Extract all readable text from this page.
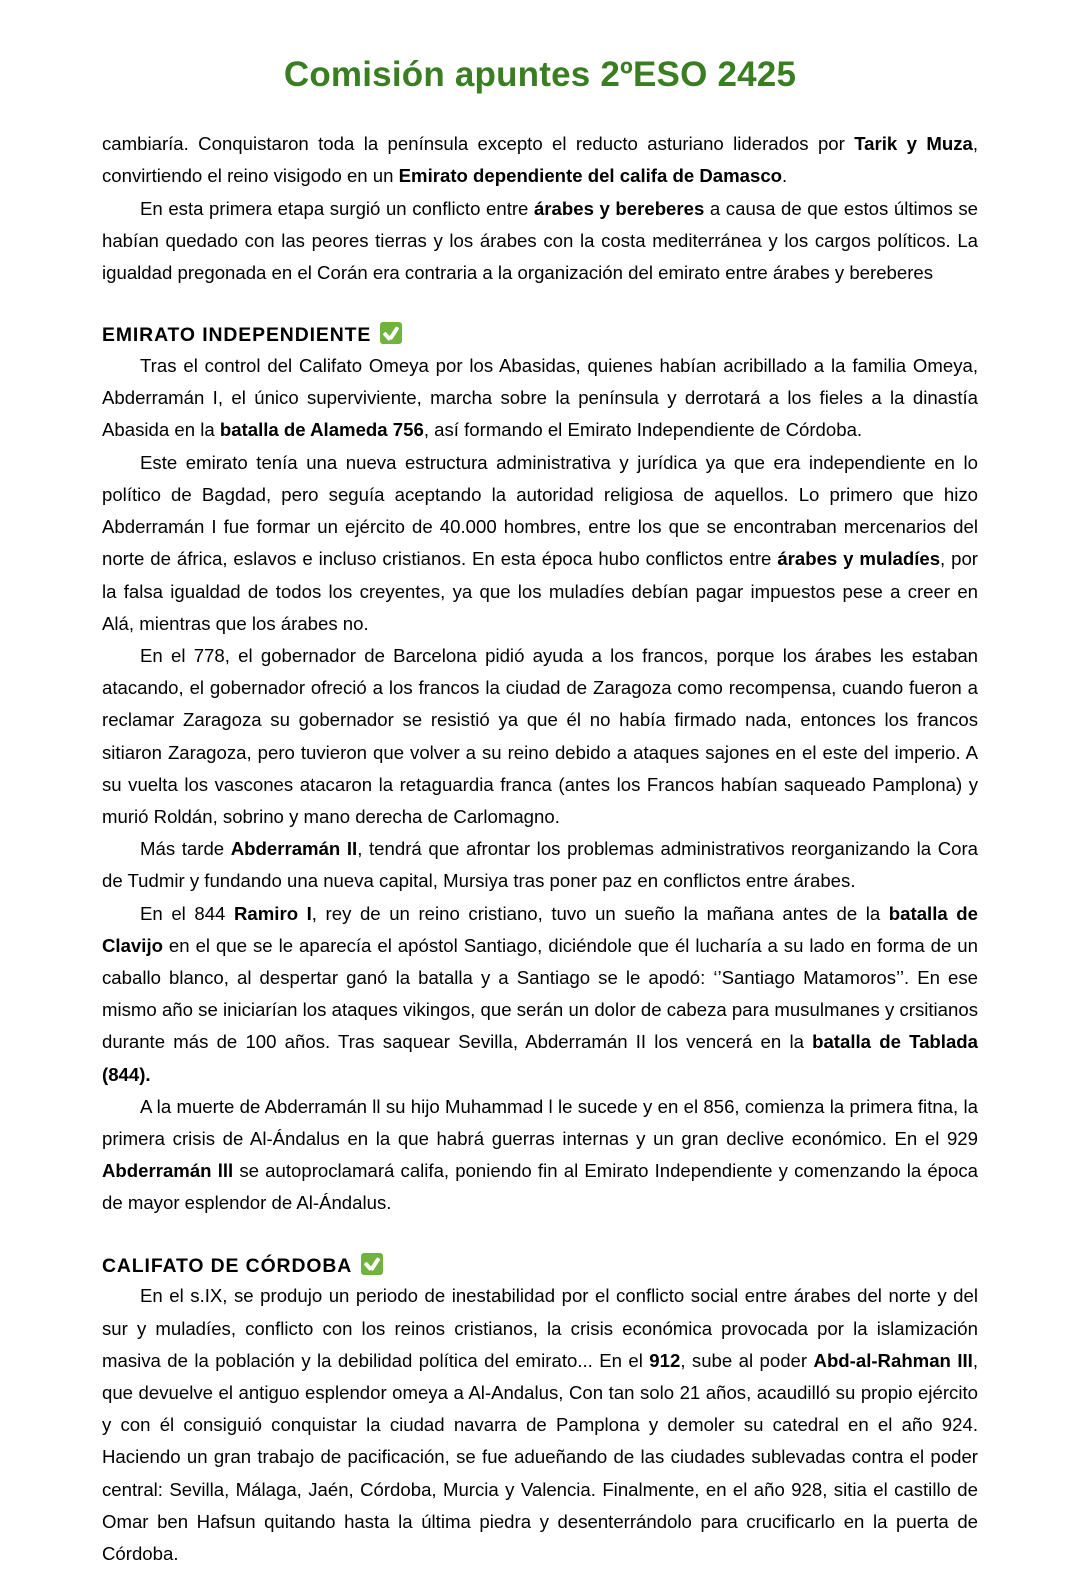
Comisión apuntes 2ºESO 2425

cambiaría. Conquistaron toda la península excepto el reducto asturiano liderados por Tarik y Muza, convirtiendo el reino visigodo en un Emirato dependiente del califa de Damasco.

En esta primera etapa surgió un conflicto entre árabes y bereberes a causa de que estos últimos se habían quedado con las peores tierras y los árabes con la costa mediterránea y los cargos políticos. La igualdad pregonada en el Corán era contraria a la organización del emirato entre árabes y bereberes

EMIRATO INDEPENDIENTE

Tras el control del Califato Omeya por los Abasidas, quienes habían acribillado a la familia Omeya, Abderramán I, el único superviviente, marcha sobre la península y derrotará a los fieles a la dinastía Abasida en la batalla de Alameda 756, así formando el Emirato Independiente de Córdoba.

Este emirato tenía una nueva estructura administrativa y jurídica ya que era independiente en lo político de Bagdad, pero seguía aceptando la autoridad religiosa de aquellos. Lo primero que hizo Abderramán I fue formar un ejército de 40.000 hombres, entre los que se encontraban mercenarios del norte de áfrica, eslavos e incluso cristianos. En esta época hubo conflictos entre árabes y muladíes, por la falsa igualdad de todos los creyentes, ya que los muladíes debían pagar impuestos pese a creer en Alá, mientras que los árabes no.

En el 778, el gobernador de Barcelona pidió ayuda a los francos, porque los árabes les estaban atacando, el gobernador ofreció a los francos la ciudad de Zaragoza como recompensa, cuando fueron a reclamar Zaragoza su gobernador se resistió ya que él no había firmado nada, entonces los francos sitiaron Zaragoza, pero tuvieron que volver a su reino debido a ataques sajones en el este del imperio. A su vuelta los vascones atacaron la retaguardia franca (antes los Francos habían saqueado Pamplona) y murió Roldán, sobrino y mano derecha de Carlomagno.

Más tarde Abderramán II, tendrá que afrontar los problemas administrativos reorganizando la Cora de Tudmir y fundando una nueva capital, Mursiya tras poner paz en conflictos entre árabes.

En el 844 Ramiro I, rey de un reino cristiano, tuvo un sueño la mañana antes de la batalla de Clavijo en el que se le aparecía el apóstol Santiago, diciéndole que él lucharía a su lado en forma de un caballo blanco, al despertar ganó la batalla y a Santiago se le apodó: ‘’Santiago Matamoros’’. En ese mismo año se iniciarían los ataques vikingos, que serán un dolor de cabeza para musulmanes y crsitianos durante más de 100 años. Tras saquear Sevilla, Abderramán II los vencerá en la batalla de Tablada (844).

A la muerte de Abderramán ll su hijo Muhammad l le sucede y en el 856, comienza la primera fitna, la primera crisis de Al-Ándalus en la que habrá guerras internas y un gran declive económico. En el 929 Abderramán lll se autoproclamará califa, poniendo fin al Emirato Independiente y comenzando la época de mayor esplendor de Al-Ándalus.

CALIFATO DE CÓRDOBA

En el s.IX, se produjo un periodo de inestabilidad por el conflicto social entre árabes del norte y del sur y muladíes, conflicto con los reinos cristianos, la crisis económica provocada por la islamización masiva de la población y la debilidad política del emirato... En el 912, sube al poder Abd-al-Rahman III, que devuelve el antiguo esplendor omeya a Al-Andalus, Con tan solo 21 años, acaudilló su propio ejército y con él consiguió conquistar la ciudad navarra de Pamplona y demoler su catedral en el año 924. Haciendo un gran trabajo de pacificación, se fue adueñando de las ciudades sublevadas contra el poder central: Sevilla, Málaga, Jaén, Córdoba, Murcia y Valencia. Finalmente, en el año 928, sitia el castillo de Omar ben Hafsun quitando hasta la última piedra y desenterrándolo para crucificarlo en la puerta de Córdoba.
